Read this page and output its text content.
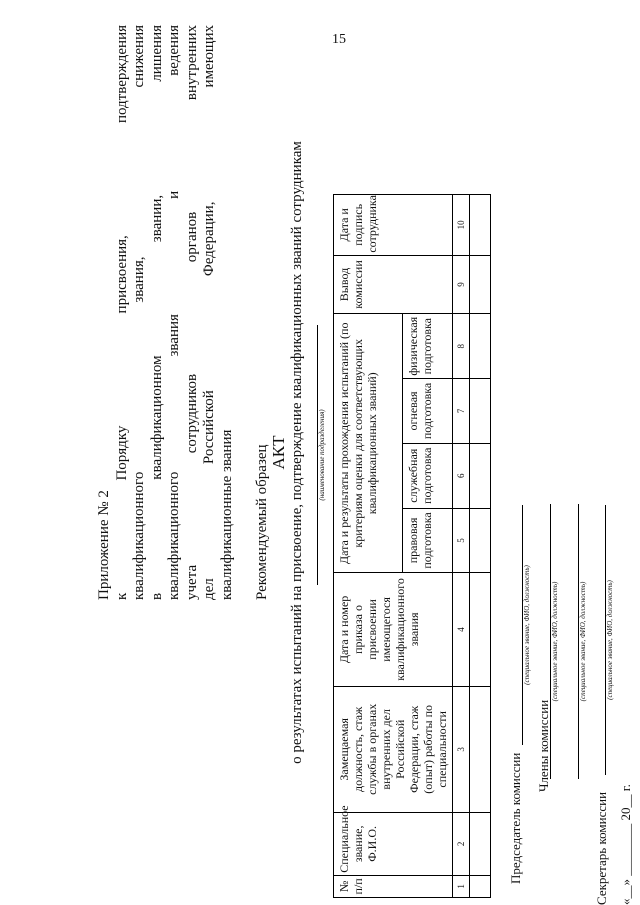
15
Приложение № 2 к Порядку присвоения, подтверждения квалификационного звания, снижения в квалификационном звании, лишения квалификационного звания и ведения учета сотрудников органов внутренних дел Российской Федерации, имеющих квалификационные звания Рекомендуемый образец АКТ о результатах испытаний на присвоение, подтверждение квалификационных званий сотрудникам (наименование подразделения)
№ п/п	Специальное звание, Ф.И.О.	Замещаемая должность, стаж службы в органах внутренних дел Российской Федерации, стаж (опыт) работы по специальности	Дата и номер приказа о присвоении имеющегося квалификационного звания	Дата и результаты прохождения испытаний (по критериям оценки для соответствующих квалификационных званий)				Вывод комиссии	Дата и подпись сотрудника	
				правовая подготовка	служебная подготовка	огневая подготовка	физическая подготовка			
1	2	3	4	5	6	7	8	9	10	

Председатель комиссии
(специальное звание, ФИО, должность)
Члены комиссии
(специальное звание, ФИО, должность)	(специальное звание, ФИО, должность)
Секретарь комиссии
(специальное звание, ФИО, должность)
«__» ________ 20__ г.
